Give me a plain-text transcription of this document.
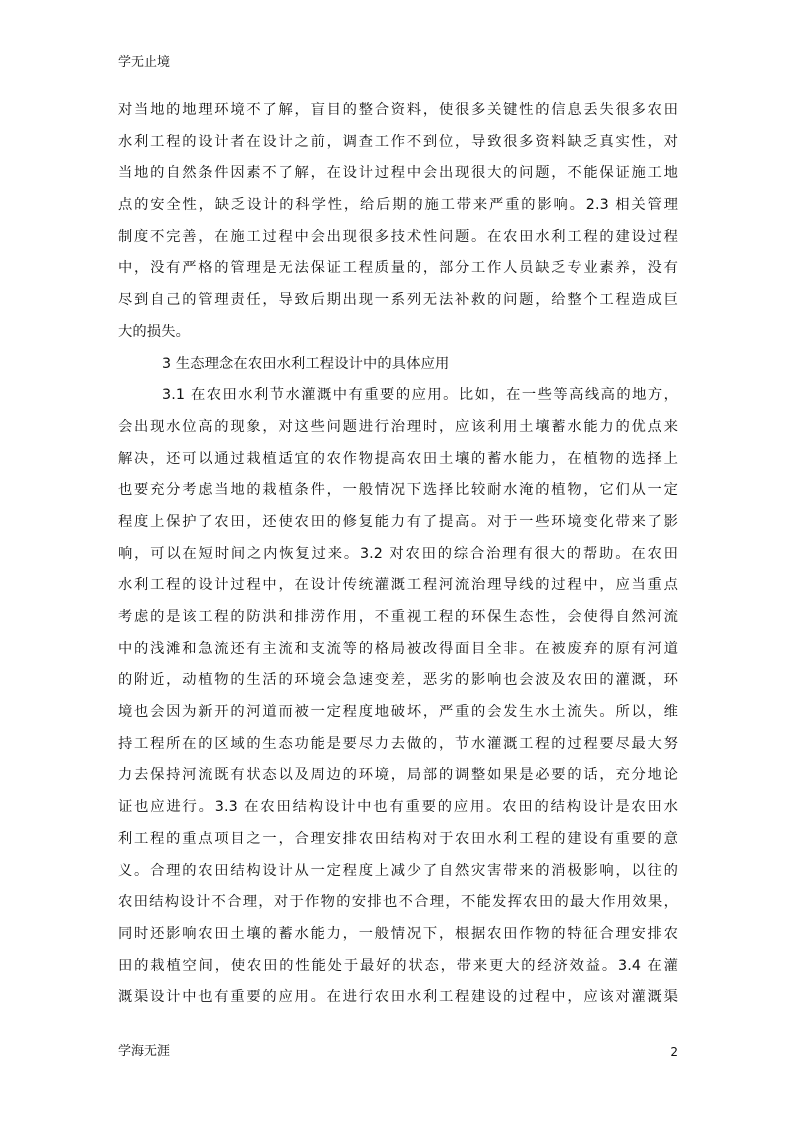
学无止境
对当地的地理环境不了解，盲目的整合资料，使很多关键性的信息丢失很多农田
水利工程的设计者在设计之前，调查工作不到位，导致很多资料缺乏真实性，对
当地的自然条件因素不了解，在设计过程中会出现很大的问题，不能保证施工地
点的安全性，缺乏设计的科学性，给后期的施工带来严重的影响。2.3 相关管理
制度不完善，在施工过程中会出现很多技术性问题。在农田水利工程的建设过程
中，没有严格的管理是无法保证工程质量的，部分工作人员缺乏专业素养，没有
尽到自己的管理责任，导致后期出现一系列无法补救的问题，给整个工程造成巨
大的损失。
3 生态理念在农田水利工程设计中的具体应用
3.1 在农田水利节水灌溉中有重要的应用。比如，在一些等高线高的地方，
会出现水位高的现象，对这些问题进行治理时，应该利用土壤蓄水能力的优点来
解决，还可以通过栽植适宜的农作物提高农田土壤的蓄水能力，在植物的选择上
也要充分考虑当地的栽植条件，一般情况下选择比较耐水淹的植物，它们从一定
程度上保护了农田，还使农田的修复能力有了提高。对于一些环境变化带来了影
响，可以在短时间之内恢复过来。3.2 对农田的综合治理有很大的帮助。在农田
水利工程的设计过程中，在设计传统灌溉工程河流治理导线的过程中，应当重点
考虑的是该工程的防洪和排涝作用，不重视工程的环保生态性，会使得自然河流
中的浅滩和急流还有主流和支流等的格局被改得面目全非。在被废弃的原有河道
的附近，动植物的生活的环境会急速变差，恶劣的影响也会波及农田的灌溉，环
境也会因为新开的河道而被一定程度地破坏，严重的会发生水土流失。所以，维
持工程所在的区域的生态功能是要尽力去做的，节水灌溉工程的过程要尽最大努
力去保持河流既有状态以及周边的环境，局部的调整如果是必要的话，充分地论
证也应进行。3.3 在农田结构设计中也有重要的应用。农田的结构设计是农田水
利工程的重点项目之一，合理安排农田结构对于农田水利工程的建设有重要的意
义。合理的农田结构设计从一定程度上减少了自然灾害带来的消极影响，以往的
农田结构设计不合理，对于作物的安排也不合理，不能发挥农田的最大作用效果，
同时还影响农田土壤的蓄水能力，一般情况下，根据农田作物的特征合理安排农
田的栽植空间，使农田的性能处于最好的状态，带来更大的经济效益。3.4 在灌
溉渠设计中也有重要的应用。在进行农田水利工程建设的过程中，应该对灌溉渠
学海无涯	2
